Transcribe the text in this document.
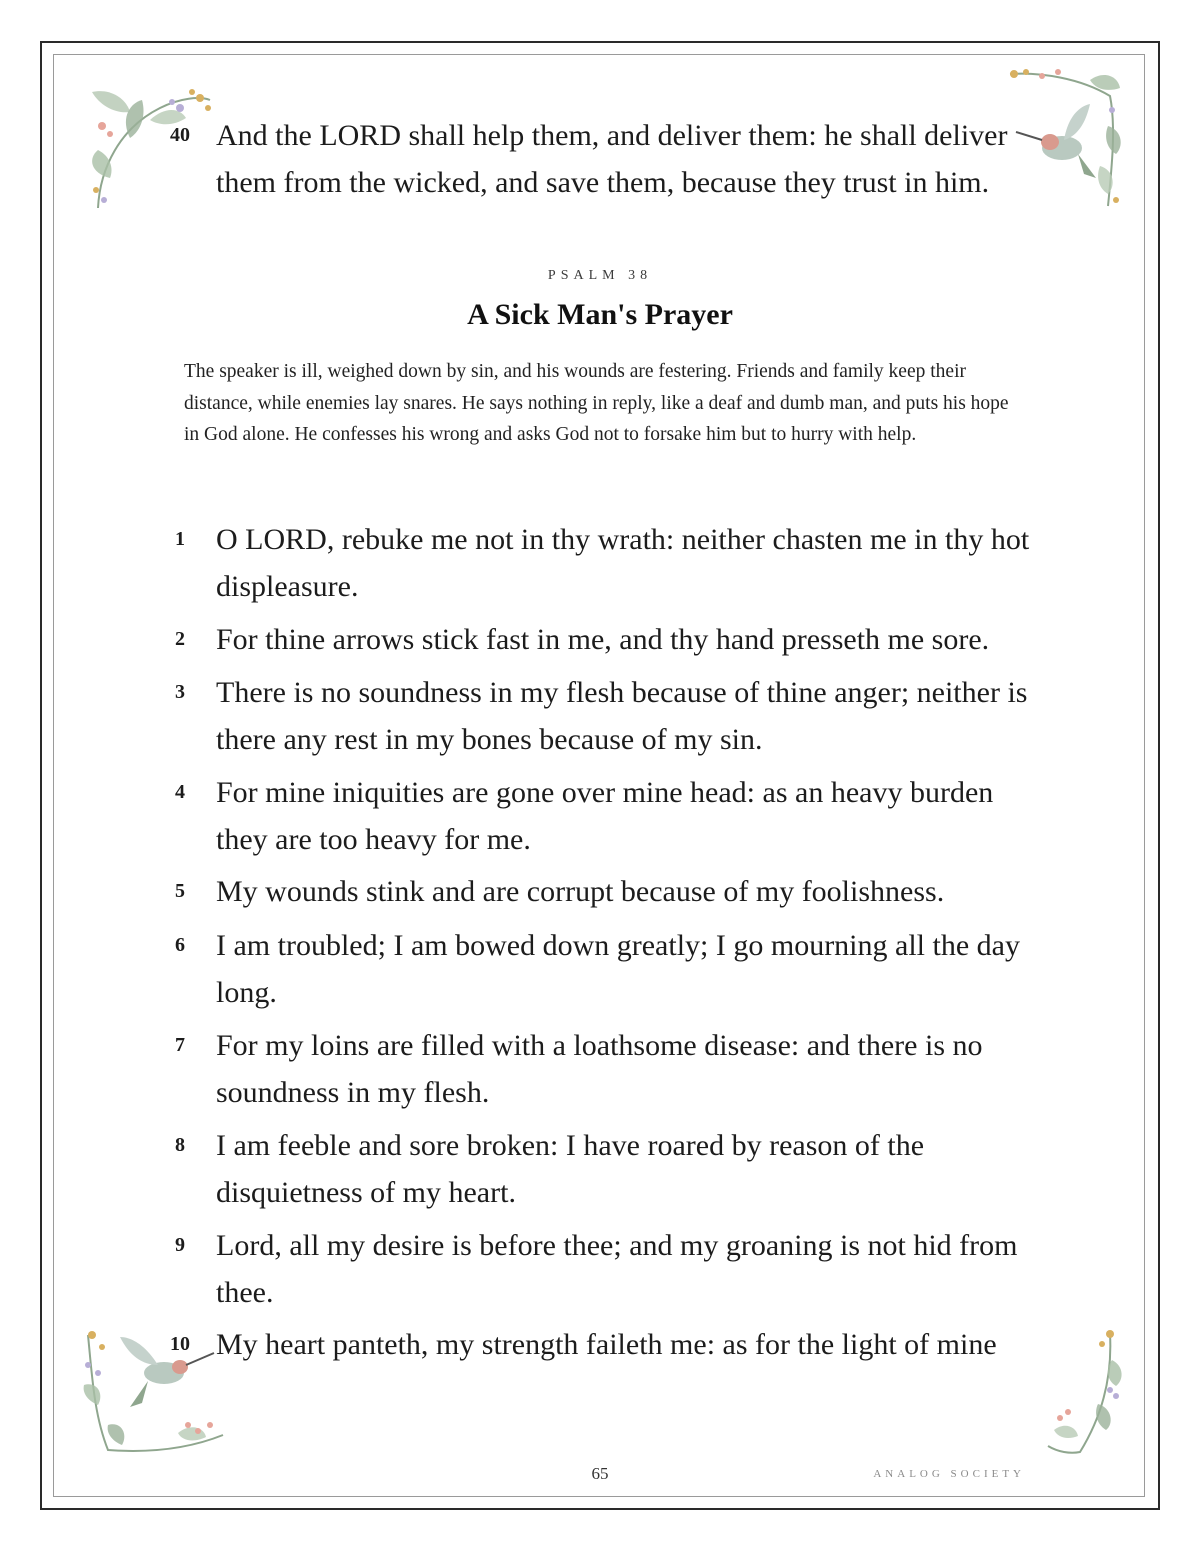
40 And the LORD shall help them, and deliver them: he shall deliver them from the wicked, and save them, because they trust in him.
PSALM 38
A Sick Man's Prayer
The speaker is ill, weighed down by sin, and his wounds are festering. Friends and family keep their distance, while enemies lay snares. He says nothing in reply, like a deaf and dumb man, and puts his hope in God alone. He confesses his wrong and asks God not to forsake him but to hurry with help.
1	O LORD, rebuke me not in thy wrath: neither chasten me in thy hot displeasure.
2	For thine arrows stick fast in me, and thy hand presseth me sore.
3	There is no soundness in my flesh because of thine anger; neither is there any rest in my bones because of my sin.
4	For mine iniquities are gone over mine head: as an heavy burden they are too heavy for me.
5	My wounds stink and are corrupt because of my foolishness.
6	I am troubled; I am bowed down greatly; I go mourning all the day long.
7	For my loins are filled with a loathsome disease: and there is no soundness in my flesh.
8	I am feeble and sore broken: I have roared by reason of the disquietness of my heart.
9	Lord, all my desire is before thee; and my groaning is not hid from thee.
10 My heart panteth, my strength faileth me: as for the light of mine
65	ANALOG SOCIETY
